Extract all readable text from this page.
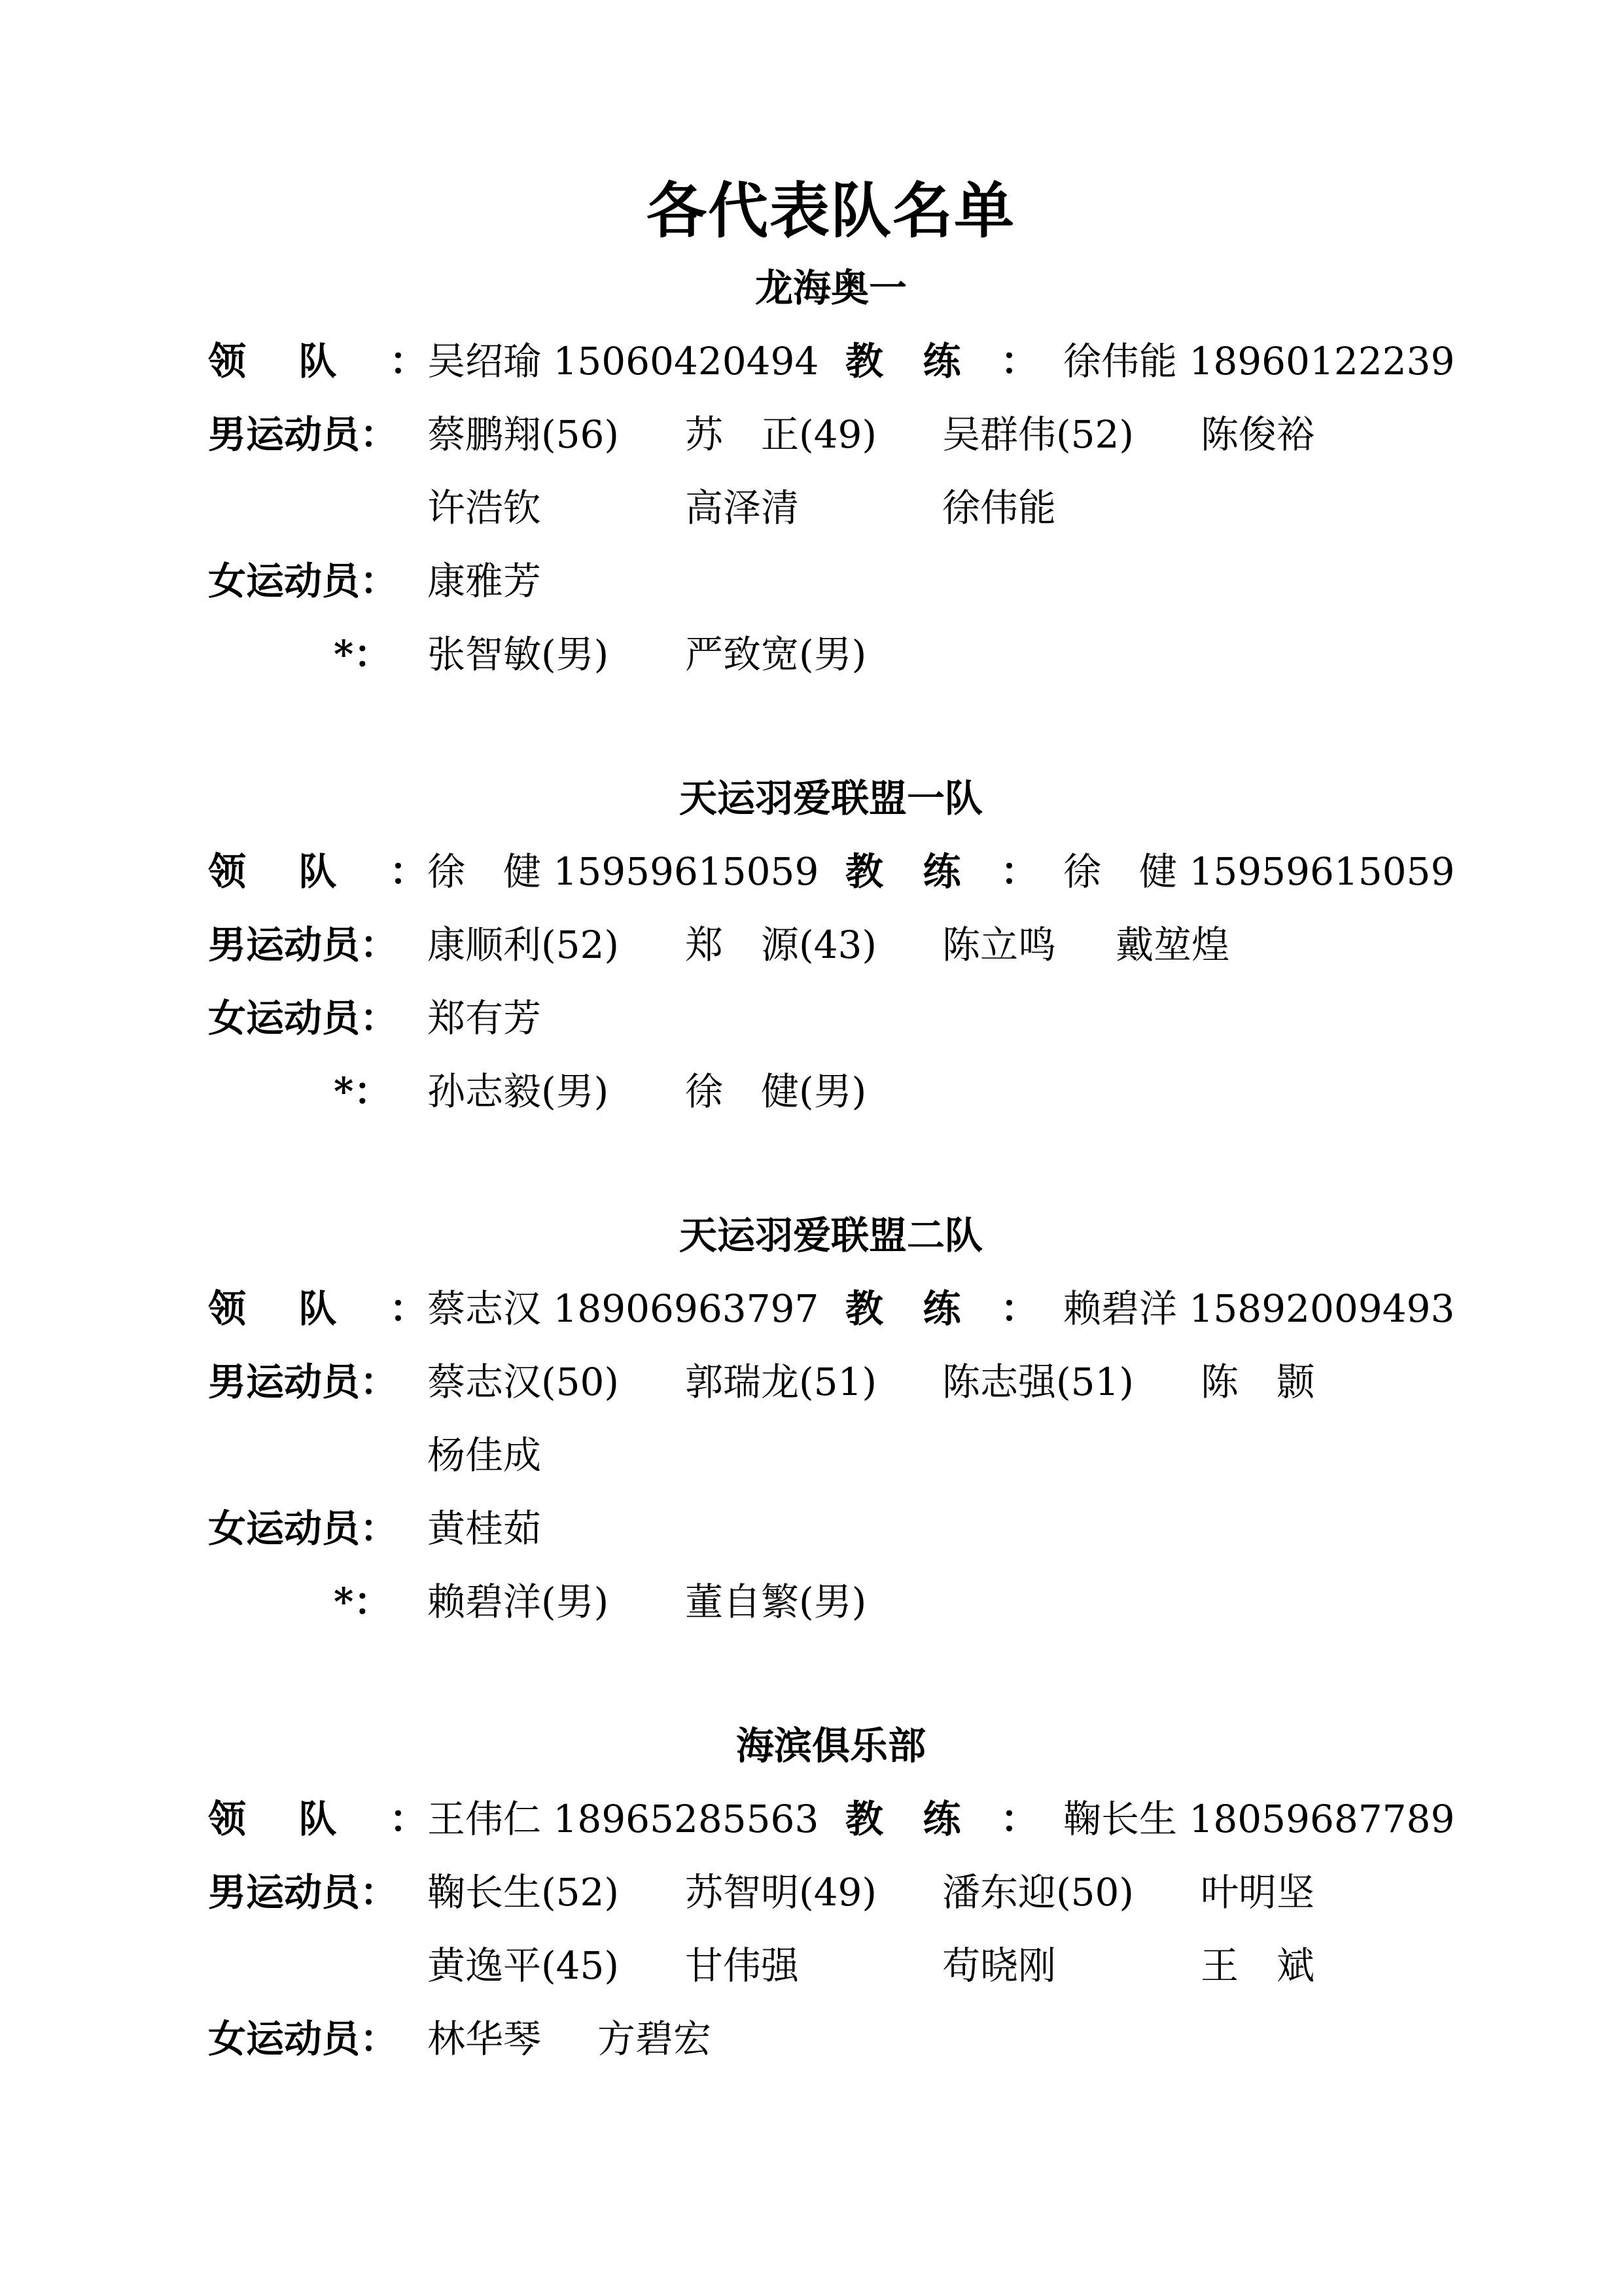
各代表队名单
龙海奥一
领队： 吴绍瑜 15060420494 教练： 徐伟能 18960122239
男运动员： 蔡鹏翔(56) 苏　正(49) 吴群伟(52) 陈俊裕
许浩钦	高泽清	徐伟能
女运动员： 康雅芳
*： 张智敏(男) 严致宽(男)
天运羽爱联盟一队
领队： 徐　健 15959615059 教练： 徐　健 15959615059
男运动员： 康顺利(52) 郑　源(43) 陈立鸣 戴堃煌
女运动员： 郑有芳
*： 孙志毅(男) 徐　健(男)
天运羽爱联盟二队
领队： 蔡志汉 18906963797 教练： 赖碧洋 15892009493
男运动员： 蔡志汉(50) 郭瑞龙(51) 陈志强(51) 陈　颢
杨佳成
女运动员： 黄桂茹
*： 赖碧洋(男) 董自繁(男)
海滨俱乐部
领队： 王伟仁 18965285563 教练： 鞠长生 18059687789
男运动员： 鞠长生(52) 苏智明(49) 潘东迎(50) 叶明坚
黄逸平(45) 甘伟强	苟晓刚	王　斌
女运动员： 林华琴 方碧宏
